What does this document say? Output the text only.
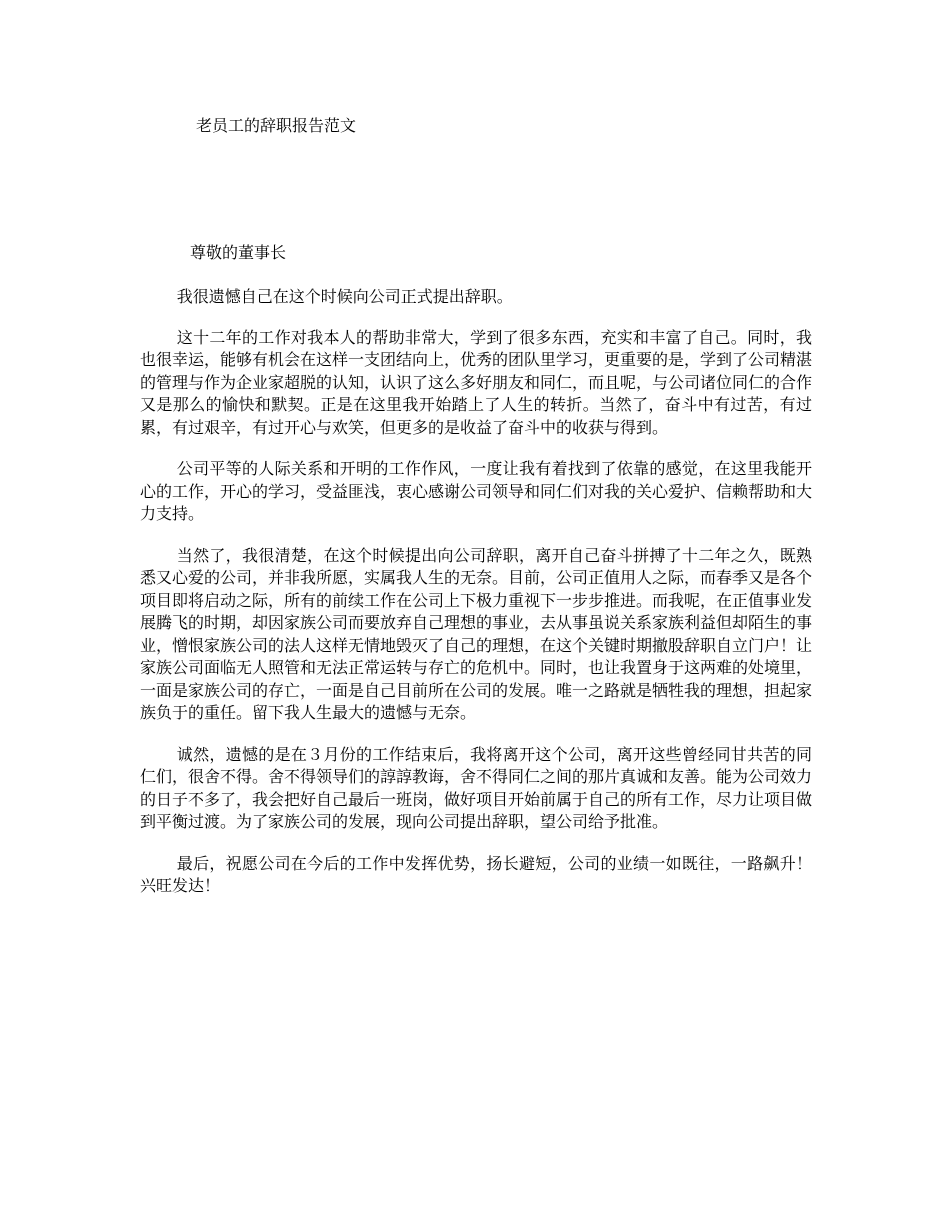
老员工的辞职报告范文

尊敬的董事长

我很遗憾自己在这个时候向公司正式提出辞职。

这十二年的工作对我本人的帮助非常大，学到了很多东西，充实和丰富了自己。同时，我也很幸运，能够有机会在这样一支团结向上，优秀的团队里学习，更重要的是，学到了公司精湛的管理与作为企业家超脱的认知，认识了这么多好朋友和同仁，而且呢，与公司诸位同仁的合作又是那么的愉快和默契。正是在这里我开始踏上了人生的转折。当然了，奋斗中有过苦，有过累，有过艰辛，有过开心与欢笑，但更多的是收益了奋斗中的收获与得到。

公司平等的人际关系和开明的工作作风，一度让我有着找到了依靠的感觉，在这里我能开心的工作，开心的学习，受益匪浅，衷心感谢公司领导和同仁们对我的关心爱护、信赖帮助和大力支持。

当然了，我很清楚，在这个时候提出向公司辞职，离开自己奋斗拼搏了十二年之久，既熟悉又心爱的公司，并非我所愿，实属我人生的无奈。目前，公司正值用人之际，而春季又是各个项目即将启动之际，所有的前续工作在公司上下极力重视下一步步推进。而我呢，在正值事业发展腾飞的时期，却因家族公司而要放弃自己理想的事业，去从事虽说关系家族利益但却陌生的事业，憎恨家族公司的法人这样无情地毁灭了自己的理想，在这个关键时期撤股辞职自立门户！让家族公司面临无人照管和无法正常运转与存亡的危机中。同时，也让我置身于这两难的处境里，一面是家族公司的存亡，一面是自己目前所在公司的发展。唯一之路就是牺牲我的理想，担起家族负于的重任。留下我人生最大的遗憾与无奈。

诚然，遗憾的是在３月份的工作结束后，我将离开这个公司，离开这些曾经同甘共苦的同仁们，很舍不得。舍不得领导们的諄諄教诲，舍不得同仁之间的那片真诚和友善。能为公司效力的日子不多了，我会把好自己最后一班岗，做好项目开始前属于自己的所有工作，尽力让项目做到平衡过渡。为了家族公司的发展，现向公司提出辞职，望公司给予批准。

最后，祝愿公司在今后的工作中发挥优势，扬长避短，公司的业绩一如既往，一路飙升！兴旺发达！
